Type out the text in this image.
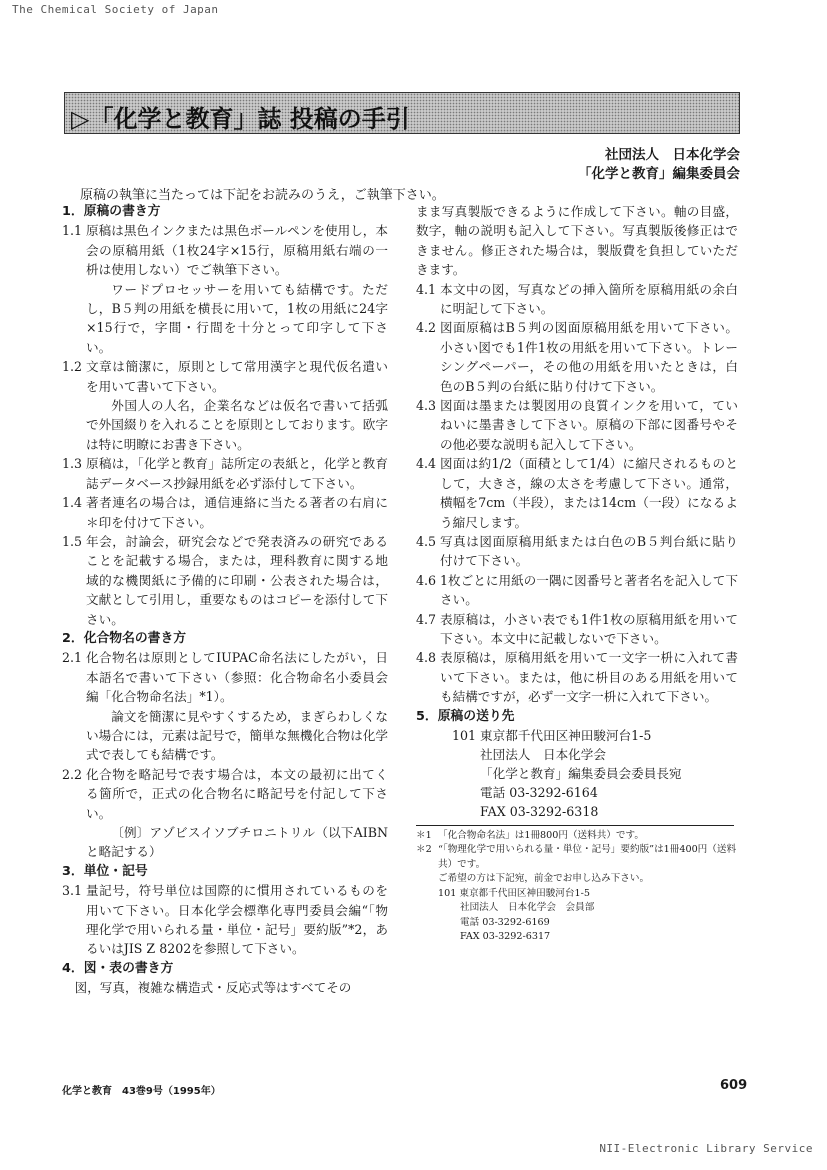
The Chemical Society of Japan
▷「化学と教育」誌 投稿の手引
社団法人　日本化学会
「化学と教育」編集委員会
原稿の執筆に当たっては下記をお読みのうえ，ご執筆下さい。
1．原稿の書き方
1.1 原稿は黒色インクまたは黒色ボールペンを使用し，本会の原稿用紙（1枚24字×15行，原稿用紙右端の一枡は使用しない）でご執筆下さい。
ワードプロセッサーを用いても結構です。ただし，B５判の用紙を横長に用いて，1枚の用紙に24字×15行で，字間・行間を十分とって印字して下さい。
1.2 文章は簡潔に，原則として常用漢字と現代仮名遣いを用いて書いて下さい。
外国人の人名，企業名などは仮名で書いて括弧で外国綴りを入れることを原則としております。欧字は特に明瞭にお書き下さい。
1.3 原稿は，「化学と教育」誌所定の表紙と，化学と教育誌データベース抄録用紙を必ず添付して下さい。
1.4 著者連名の場合は，通信連絡に当たる著者の右肩に＊印を付けて下さい。
1.5 年会，討論会，研究会などで発表済みの研究であることを記載する場合，または，理科教育に関する地域的な機関紙に予備的に印刷・公表された場合は，文献として引用し，重要なものはコピーを添付して下さい。
2．化合物名の書き方
2.1 化合物名は原則としてIUPAC命名法にしたがい，日本語名で書いて下さい（参照：化合物命名小委員会編「化合物命名法」*1）。
論文を簡潔に見やすくするため，まぎらわしくない場合には，元素は記号で，簡単な無機化合物は化学式で表しても結構です。
2.2 化合物を略記号で表す場合は，本文の最初に出てくる箇所で，正式の化合物名に略記号を付記して下さい。
〔例〕アゾビスイソブチロニトリル（以下AIBNと略記する）
3．単位・記号
3.1 量記号，符号単位は国際的に慣用されているものを用いて下さい。日本化学会標準化専門委員会編“「物理化学で用いられる量・単位・記号」要約版”*2，あるいはJIS Z 8202を参照して下さい。
4．図・表の書き方
図，写真，複雑な構造式・反応式等はすべてその
まま写真製版できるように作成して下さい。軸の目盛，数字，軸の説明も記入して下さい。写真製版後修正はできません。修正された場合は，製版費を負担していただきます。
4.1 本文中の図，写真などの挿入箇所を原稿用紙の余白に明記して下さい。
4.2 図面原稿はB５判の図面原稿用紙を用いて下さい。小さい図でも1件1枚の用紙を用いて下さい。トレーシングペーパー，その他の用紙を用いたときは，白色のB５判の台紙に貼り付けて下さい。
4.3 図面は墨または製図用の良質インクを用いて，ていねいに墨書きして下さい。原稿の下部に図番号やその他必要な説明も記入して下さい。
4.4 図面は約1/2（面積として1/4）に縮尺されるものとして，大きさ，線の太さを考慮して下さい。通常，横幅を7cm（半段），または14cm（一段）になるよう縮尺します。
4.5 写真は図面原稿用紙または白色のB５判台紙に貼り付けて下さい。
4.6 1枚ごとに用紙の一隅に図番号と著者名を記入して下さい。
4.7 表原稿は，小さい表でも1件1枚の原稿用紙を用いて下さい。本文中に記載しないで下さい。
4.8 表原稿は，原稿用紙を用いて一文字一枡に入れて書いて下さい。または，他に枡目のある用紙を用いても結構ですが，必ず一文字一枡に入れて下さい。
5．原稿の送り先
101 東京都千代田区神田駿河台1-5
社団法人　日本化学会
「化学と教育」編集委員会委員長宛
電話 03-3292-6164
FAX 03-3292-6318
＊1 「化合物命名法」は1冊800円（送料共）です。
＊2 “「物理化学で用いられる量・単位・記号」要約版”は1冊400円（送料共）です。
ご希望の方は下記宛，前金でお申し込み下さい。
101 東京都千代田区神田駿河台1-5
社団法人　日本化学会　会員部
電話 03-3292-6169
FAX 03-3292-6317
化学と教育　43巻9号（1995年）	609
NII-Electronic Library Service
